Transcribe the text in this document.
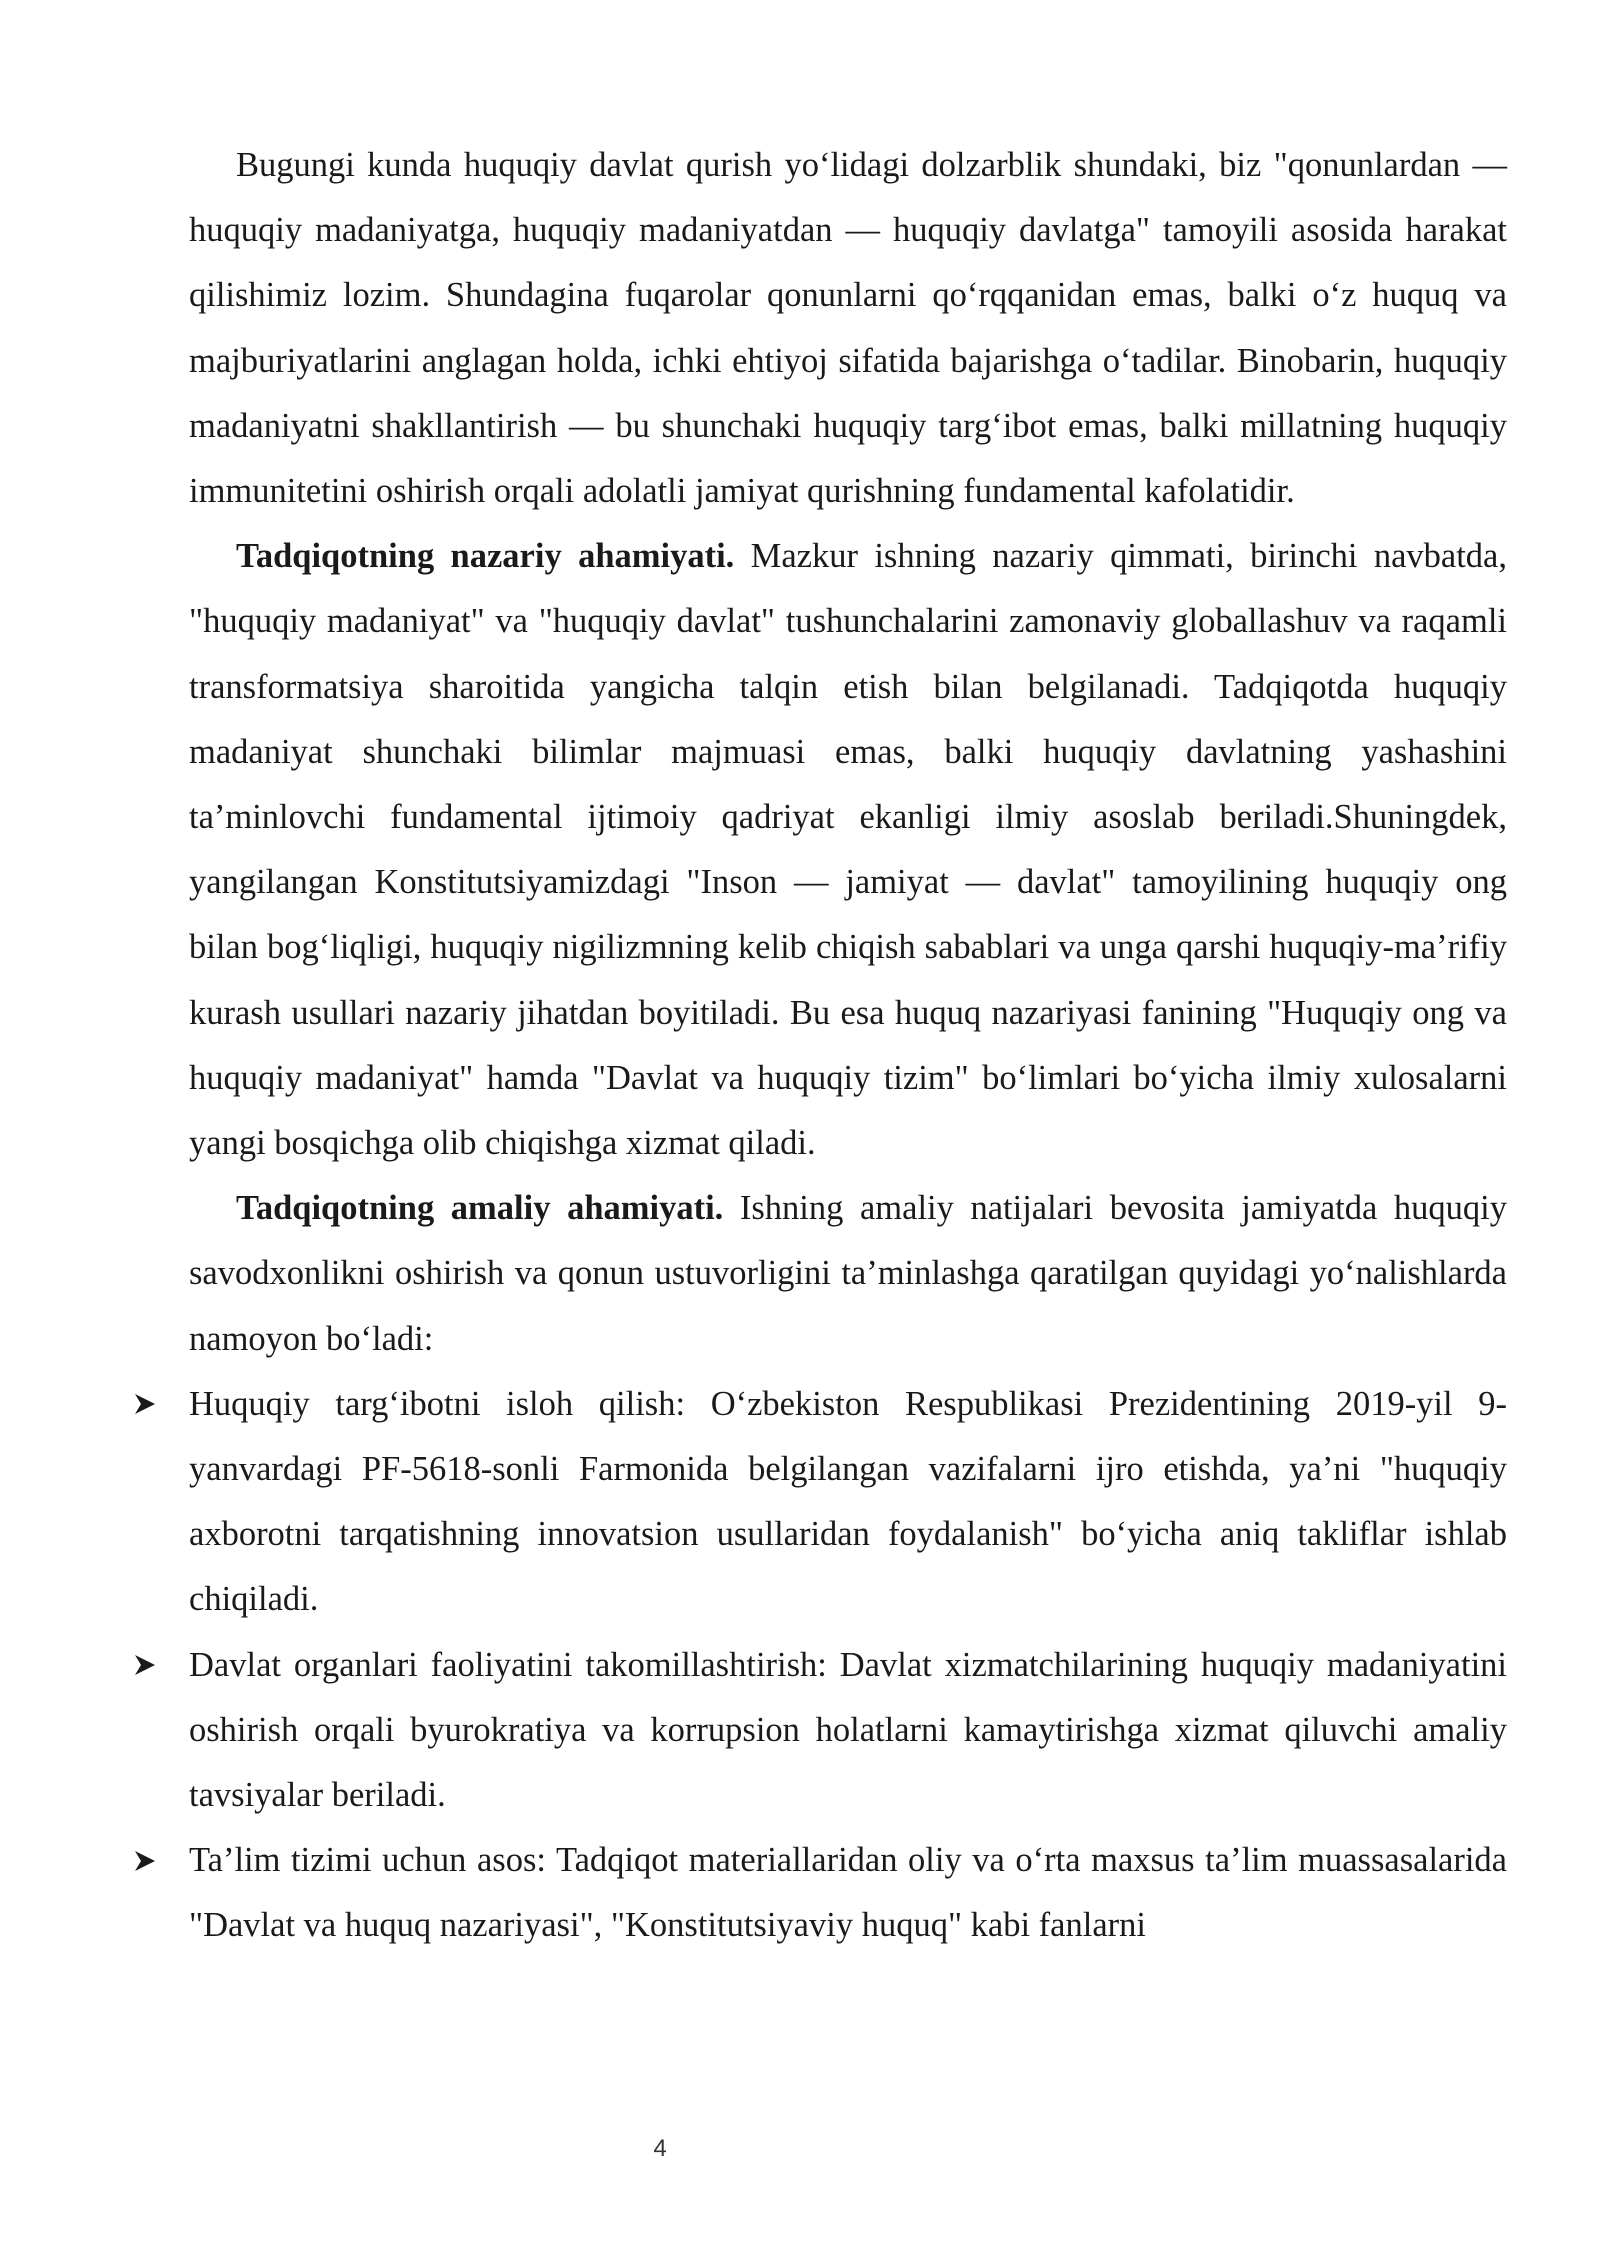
Bugungi kunda huquqiy davlat qurish yo‘lidagi dolzarblik shundaki, biz "qonunlardan — huquqiy madaniyatga, huquqiy madaniyatdan — huquqiy davlatga" tamoyili asosida harakat qilishimiz lozim. Shundagina fuqarolar qonunlarni qo‘rqqanidan emas, balki o‘z huquq va majburiyatlarini anglagan holda, ichki ehtiyoj sifatida bajarishga o‘tadilar. Binobarin, huquqiy madaniyatni shakllantirish — bu shunchaki huquqiy targ‘ibot emas, balki millatning huquqiy immunitetini oshirish orqali adolatli jamiyat qurishning fundamental kafolatidir.

Tadqiqotning nazariy ahamiyati. Mazkur ishning nazariy qimmati, birinchi navbatda, "huquqiy madaniyat" va "huquqiy davlat" tushunchalarini zamonaviy globallashuv va raqamli transformatsiya sharoitida yangicha talqin etish bilan belgilanadi. Tadqiqotda huquqiy madaniyat shunchaki bilimlar majmuasi emas, balki huquqiy davlatning yashashini ta’minlovchi fundamental ijtimoiy qadriyat ekanligi ilmiy asoslab beriladi.Shuningdek, yangilangan Konstitutsiyamizdagi "Inson — jamiyat — davlat" tamoyilining huquqiy ong bilan bog‘liqligi, huquqiy nigilizmning kelib chiqish sabablari va unga qarshi huquqiy-ma’rifiy kurash usullari nazariy jihatdan boyitiladi. Bu esa huquq nazariyasi fanining "Huquqiy ong va huquqiy madaniyat" hamda "Davlat va huquqiy tizim" bo‘limlari bo‘yicha ilmiy xulosalarni yangi bosqichga olib chiqishga xizmat qiladi.

Tadqiqotning amaliy ahamiyati. Ishning amaliy natijalari bevosita jamiyatda huquqiy savodxonlikni oshirish va qonun ustuvorligini ta’minlashga qaratilgan quyidagi yo‘nalishlarda namoyon bo‘ladi:

Huquqiy targ‘ibotni isloh qilish: O‘zbekiston Respublikasi Prezidentining 2019-yil 9-yanvardagi PF-5618-sonli Farmonida belgilangan vazifalarni ijro etishda, ya’ni "huquqiy axborotni tarqatishning innovatsion usullaridan foydalanish" bo‘yicha aniq takliflar ishlab chiqiladi.
Davlat organlari faoliyatini takomillashtirish: Davlat xizmatchilarining huquqiy madaniyatini oshirish orqali byurokratiya va korrupsion holatlarni kamaytirishga xizmat qiluvchi amaliy tavsiyalar beriladi.
Ta’lim tizimi uchun asos: Tadqiqot materiallaridan oliy va o‘rta maxsus ta’lim muassasalarida "Davlat va huquq nazariyasi", "Konstitutsiyaviy huquq" kabi fanlarni
4
